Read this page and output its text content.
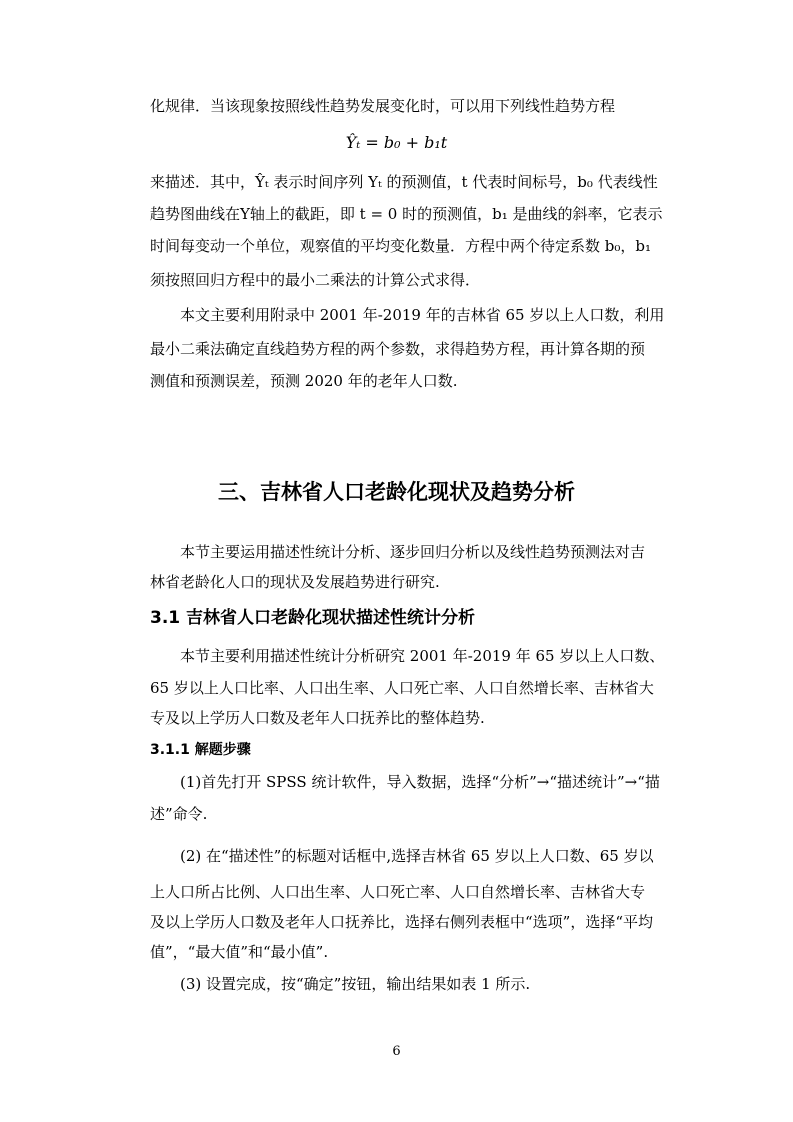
化规律．当该现象按照线性趋势发展变化时，可以用下列线性趋势方程
Ŷₜ = b₀ + b₁t
来描述．其中，Ŷₜ 表示时间序列 Yₜ 的预测值，t 代表时间标号，b₀ 代表线性
趋势图曲线在Y轴上的截距，即 t = 0 时的预测值，b₁ 是曲线的斜率，它表示
时间每变动一个单位，观察值的平均变化数量．方程中两个待定系数 b₀，b₁
须按照回归方程中的最小二乘法的计算公式求得．
本文主要利用附录中 2001 年-2019 年的吉林省 65 岁以上人口数，利用
最小二乘法确定直线趋势方程的两个参数，求得趋势方程，再计算各期的预
测值和预测误差，预测 2020 年的老年人口数.
三、吉林省人口老龄化现状及趋势分析
本节主要运用描述性统计分析、逐步回归分析以及线性趋势预测法对吉
林省老龄化人口的现状及发展趋势进行研究.
3.1 吉林省人口老龄化现状描述性统计分析
本节主要利用描述性统计分析研究 2001 年-2019 年 65 岁以上人口数、
65 岁以上人口比率、人口出生率、人口死亡率、人口自然增长率、吉林省大
专及以上学历人口数及老年人口抚养比的整体趋势.
3.1.1 解题步骤
(1)首先打开 SPSS 统计软件，导入数据，选择“分析”→“描述统计”→“描
述”命令.
(2) 在“描述性”的标题对话框中,选择吉林省 65 岁以上人口数、65 岁以
上人口所占比例、人口出生率、人口死亡率、人口自然增长率、吉林省大专
及以上学历人口数及老年人口抚养比，选择右侧列表框中“选项”，选择“平均
值”，“最大值”和“最小值”.
(3) 设置完成，按“确定”按钮，输出结果如表 1 所示.
6
